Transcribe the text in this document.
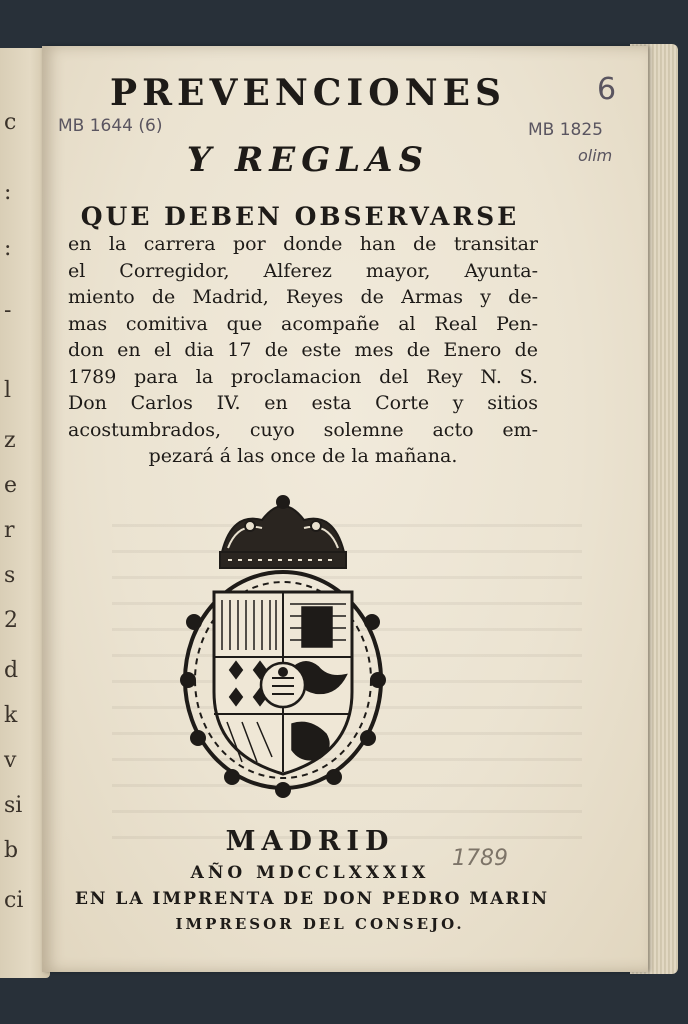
c
:
:
-
l
z
e
r
s
2
d
k
v
si
b
ci
PREVENCIONES
Y REGLAS
QUE DEBEN OBSERVARSE
en la carrera por donde han de transitar
el Corregidor, Alferez mayor, Ayunta-
miento de Madrid, Reyes de Armas y de-
mas comitiva que acompañe al Real Pen-
don en el dia 17 de este mes de Enero de
1789 para la proclamacion del Rey N. S.
Don Carlos IV. en esta Corte y sitios
acostumbrados, cuyo solemne acto em-
pezará á las once de la mañana.
MB 1644 (6)	MB 1825
olim
6
1789
MADRID
AÑO MDCCLXXXIX
EN LA IMPRENTA DE DON PEDRO MARIN
IMPRESOR DEL CONSEJO.
